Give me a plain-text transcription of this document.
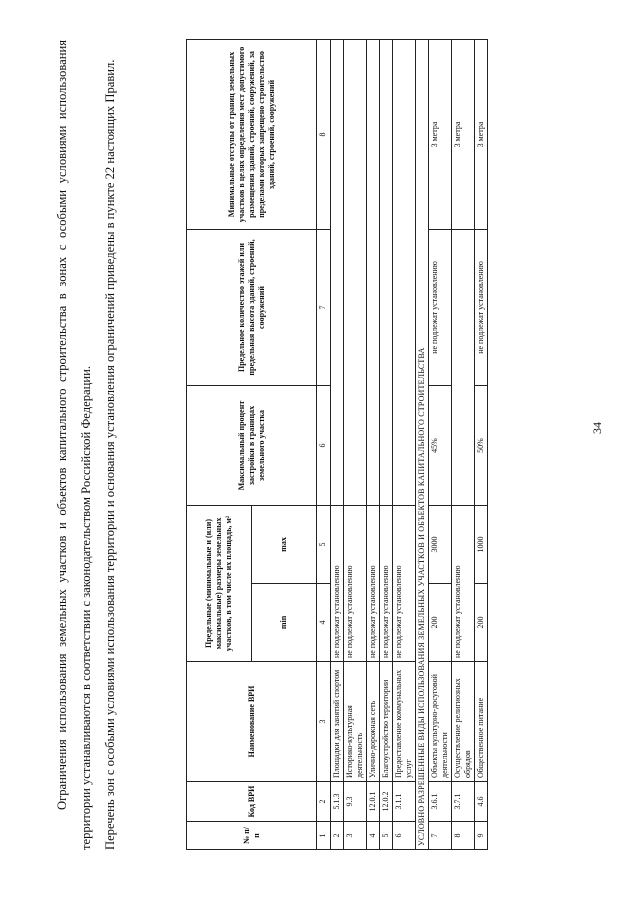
34
№ п/п	Код ВРИ	Наименование ВРИ	Предельные (минимальные и (или) максимальные) размеры земельных участков, в том числе их площадь, м²		Максимальный процент застройки в границах земельного участка	Предельное количество этажей или предельная высота зданий, строений, сооружений	Минимальные отступы от границ земельных участков в целях определения мест допустимого размещения зданий, строений, сооружений, за пределами которых запрещено строительство зданий, строений, сооружений
			min	max			
1	2	3	4	5	6	7	8
2	5.1.3	Площадки для занятий спортом	не подлежат установлению				
3	9.3	Историко-культурная деятельность	не подлежат установлению				
4	12.0.1	Улично-дорожная сеть	не подлежат установлению				
5	12.0.2	Благоустройство территории	не подлежат установлению				
6	3.1.1	Предоставление коммунальных услуг	не подлежат установлению				
УСЛОВНО РАЗРЕШЕННЫЕ ВИДЫ ИСПОЛЬЗОВАНИЯ ЗЕМЕЛЬНЫХ УЧАСТКОВ И ОБЪЕКТОВ КАПИТАЛЬНОГО СТРОИТЕЛЬСТВА							
7	3.6.1	Объекты культурно-досуговой деятельности	200	3000	45%	не подлежат установлению	3 метра
8	3.7.1	Осуществление религиозных обрядов	не подлежат установлению				3 метра
9	4.6	Общественное питание	200	1000	50%	не подлежат установлению	3 метра
Ограничения использования земельных участков и объектов капитального строительства в зонах с особыми условиями использования территории устанавливаются в соответствии с законодательством Российской Федерации. Перечень зон с особыми условиями использования территории и основания установления ограничений приведены в пункте 22 настоящих Правил.
